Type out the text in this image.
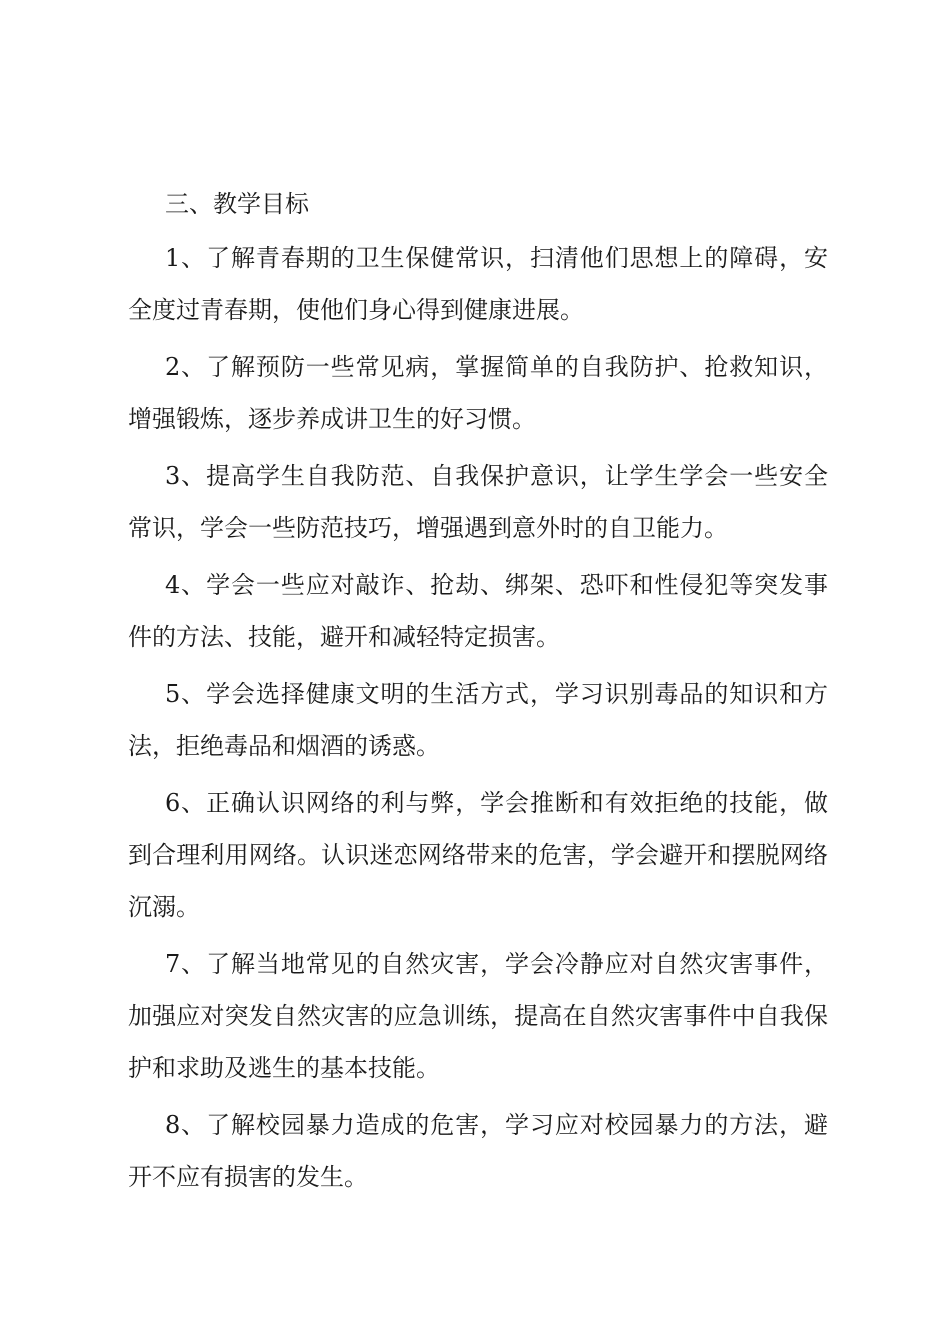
三、教学目标

1、了解青春期的卫生保健常识，扫清他们思想上的障碍，安全度过青春期，使他们身心得到健康进展。

2、了解预防一些常见病，掌握简单的自我防护、抢救知识，增强锻炼，逐步养成讲卫生的好习惯。

3、提高学生自我防范、自我保护意识，让学生学会一些安全常识，学会一些防范技巧，增强遇到意外时的自卫能力。

4、学会一些应对敲诈、抢劫、绑架、恐吓和性侵犯等突发事件的方法、技能，避开和减轻特定损害。

5、学会选择健康文明的生活方式，学习识别毒品的知识和方法，拒绝毒品和烟酒的诱惑。

6、正确认识网络的利与弊，学会推断和有效拒绝的技能，做到合理利用网络。认识迷恋网络带来的危害，学会避开和摆脱网络沉溺。

7、了解当地常见的自然灾害，学会冷静应对自然灾害事件，加强应对突发自然灾害的应急训练，提高在自然灾害事件中自我保护和求助及逃生的基本技能。

8、了解校园暴力造成的危害，学习应对校园暴力的方法，避开不应有损害的发生。
